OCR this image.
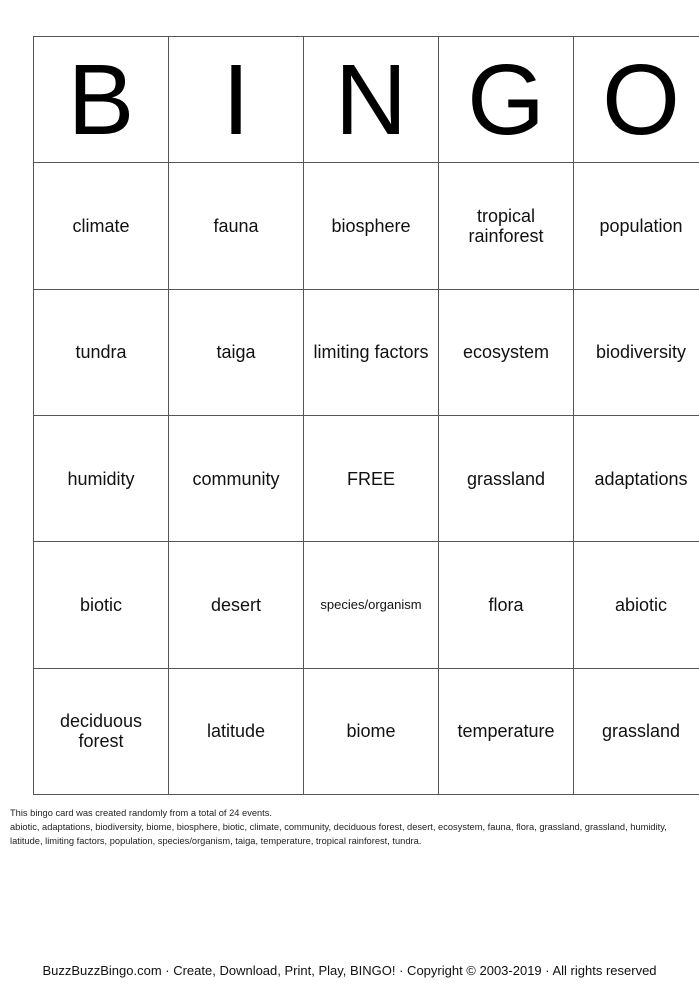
B	I	N	G	O
climate	fauna	biosphere	tropical rainforest	population
tundra	taiga	limiting factors	ecosystem	biodiversity
humidity	community	FREE	grassland	adaptations
biotic	desert	species/organism	flora	abiotic
deciduous forest	latitude	biome	temperature	grassland
This bingo card was created randomly from a total of 24 events.
abiotic, adaptations, biodiversity, biome, biosphere, biotic, climate, community, deciduous forest, desert, ecosystem, fauna, flora, grassland, grassland, humidity, latitude, limiting factors, population, species/organism, taiga, temperature, tropical rainforest, tundra.
BuzzBuzzBingo.com · Create, Download, Print, Play, BINGO! · Copyright © 2003-2019 · All rights reserved
